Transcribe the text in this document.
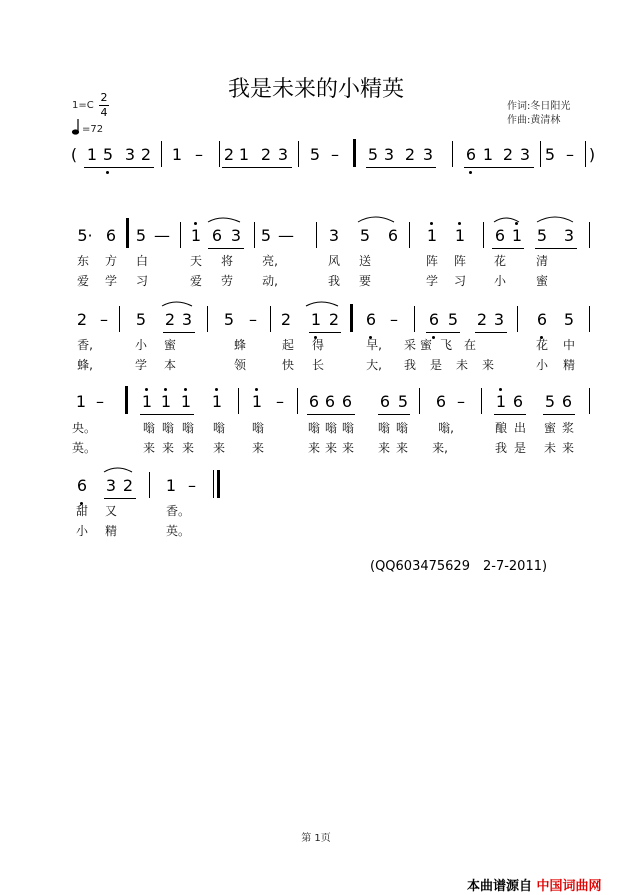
我是未来的小精英
1=C
2
4
=72
作词:冬日阳光
作曲:黄清林
( 1 5 3 2 1 – 2 1 2 3 5 – 5 3 2 3 6 1 2 3 5 – )
5· 6 5 — 1 6 3 5 — 3 5 6 1 1 6 1 5 3
东 方 白	天 将 亮,	风 送	阵 阵 花 清
爱 学 习	爱 劳 动,	我 要	学 习 小 蜜
2 – 5 2 3 5 – 2 1 2 6 – 6 5 2 3 6 5
香,	小 蜜	蜂	起 得	早, 采 蜜 飞 在	花 中
蜂,	学 本	领	快 长	大, 我 是 未 来	小 精
1 – 1 1 1 1 1 – 6 6 6 6 5 6 – 1 6 5 6
央。	嗡 嗡 嗡 嗡 嗡	嗡 嗡 嗡 嗡 嗡	嗡,	酿 出 蜜 浆
英。	来 来 来 来 来	来 来 来 来 来 来,	我 是 未 来
6 3 2 1 –
甜 又	香。
小 精	英。
(QQ603475629　2-7-2011)
第 1页
本曲谱源自 中国词曲网
